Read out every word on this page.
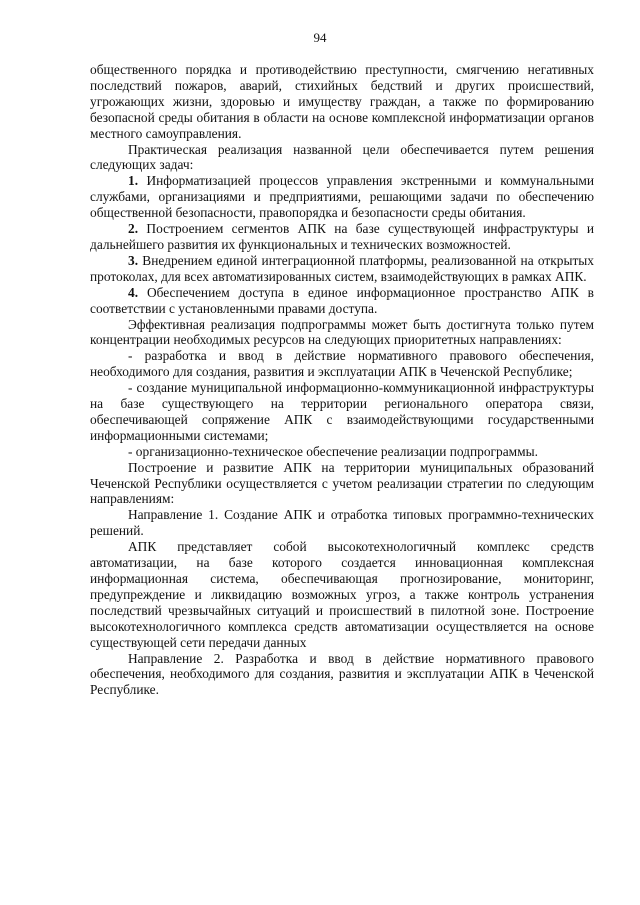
94

общественного порядка и противодействию преступности, смягчению негативных последствий пожаров, аварий, стихийных бедствий и других происшествий, угрожающих жизни, здоровью и имуществу граждан, а также по формированию безопасной среды обитания в области на основе комплексной информатизации органов местного самоуправления.

Практическая реализация названной цели обеспечивается путем решения следующих задач:

1. Информатизацией процессов управления экстренными и коммунальными службами, организациями и предприятиями, решающими задачи по обеспечению общественной безопасности, правопорядка и безопасности среды обитания.

2. Построением сегментов АПК на базе существующей инфраструктуры и дальнейшего развития их функциональных и технических возможностей.

3. Внедрением единой интеграционной платформы, реализованной на открытых протоколах, для всех автоматизированных систем, взаимодействующих в рамках АПК.

4. Обеспечением доступа в единое информационное пространство АПК в соответствии с установленными правами доступа.

Эффективная реализация подпрограммы может быть достигнута только путем концентрации необходимых ресурсов на следующих приоритетных направлениях:

- разработка и ввод в действие нормативного правового обеспечения, необходимого для создания, развития и эксплуатации АПК в Чеченской Республике;

- создание муниципальной информационно-коммуникационной инфраструктуры на базе существующего на территории регионального оператора связи, обеспечивающей сопряжение АПК с взаимодействующими государственными информационными системами;

- организационно-техническое обеспечение реализации подпрограммы.

Построение и развитие АПК на территории муниципальных образований Чеченской Республики осуществляется с учетом реализации стратегии по следующим направлениям:

Направление 1. Создание АПК и отработка типовых программно-технических решений.

АПК представляет собой высокотехнологичный комплекс средств автоматизации, на базе которого создается инновационная комплексная информационная система, обеспечивающая прогнозирование, мониторинг, предупреждение и ликвидацию возможных угроз, а также контроль устранения последствий чрезвычайных ситуаций и происшествий в пилотной зоне. Построение высокотехнологичного комплекса средств автоматизации осуществляется на основе существующей сети передачи данных

Направление 2. Разработка и ввод в действие нормативного правового обеспечения, необходимого для создания, развития и эксплуатации АПК в Чеченской Республике.
